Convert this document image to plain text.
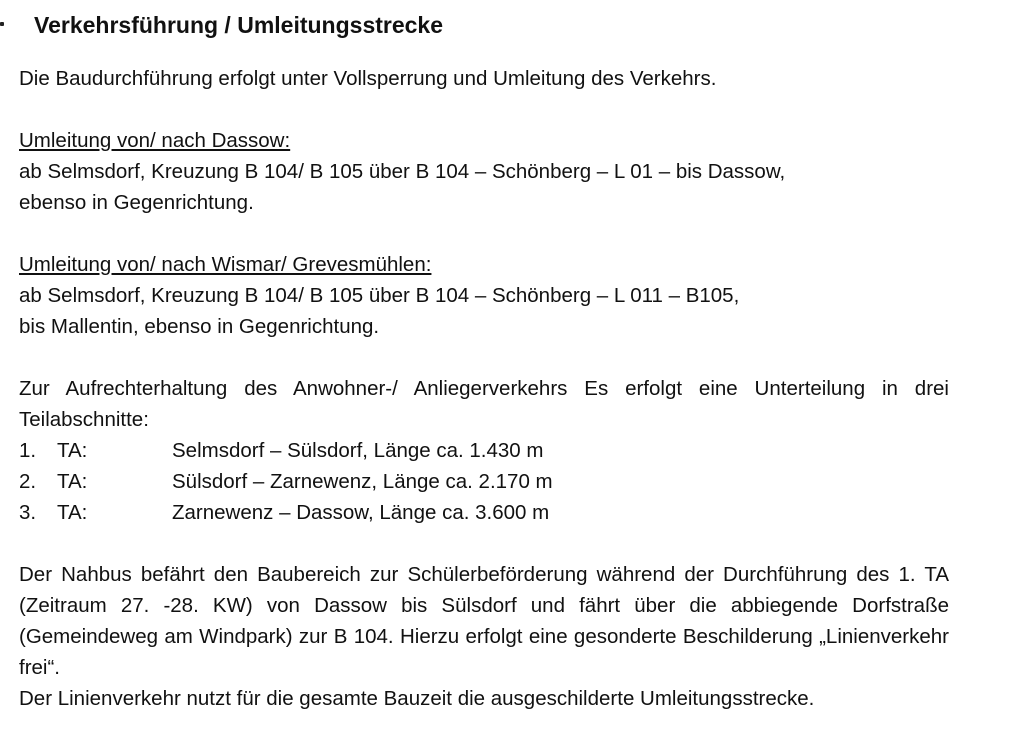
Verkehrsführung / Umleitungsstrecke

Die Baudurchführung erfolgt unter Vollsperrung und Umleitung des Verkehrs.

Umleitung von/ nach Dassow:

ab Selmsdorf, Kreuzung B 104/ B 105 über B 104 – Schönberg – L 01 – bis Dassow,

ebenso in Gegenrichtung.

Umleitung von/ nach Wismar/ Grevesmühlen:

ab Selmsdorf, Kreuzung B 104/ B 105 über B 104 – Schönberg – L 011 – B105,

bis Mallentin, ebenso in Gegenrichtung.

Zur Aufrechterhaltung des Anwohner-/ Anliegerverkehrs Es erfolgt eine Unterteilung in drei Teilabschnitte:

1.	TA:	Selmsdorf – Sülsdorf, Länge ca. 1.430 m
2.	TA:	Sülsdorf – Zarnewenz, Länge ca. 2.170 m
3.	TA:	Zarnewenz – Dassow, Länge ca. 3.600 m

Der Nahbus befährt den Baubereich zur Schülerbeförderung während der Durchführung des 1. TA (Zeitraum 27. -28. KW) von Dassow bis Sülsdorf und fährt über die abbiegende Dorfstraße (Gemeindeweg am Windpark) zur B 104. Hierzu erfolgt eine gesonderte Beschilderung „Linienverkehr frei“.

Der Linienverkehr nutzt für die gesamte Bauzeit die ausgeschilderte Umleitungsstrecke.
